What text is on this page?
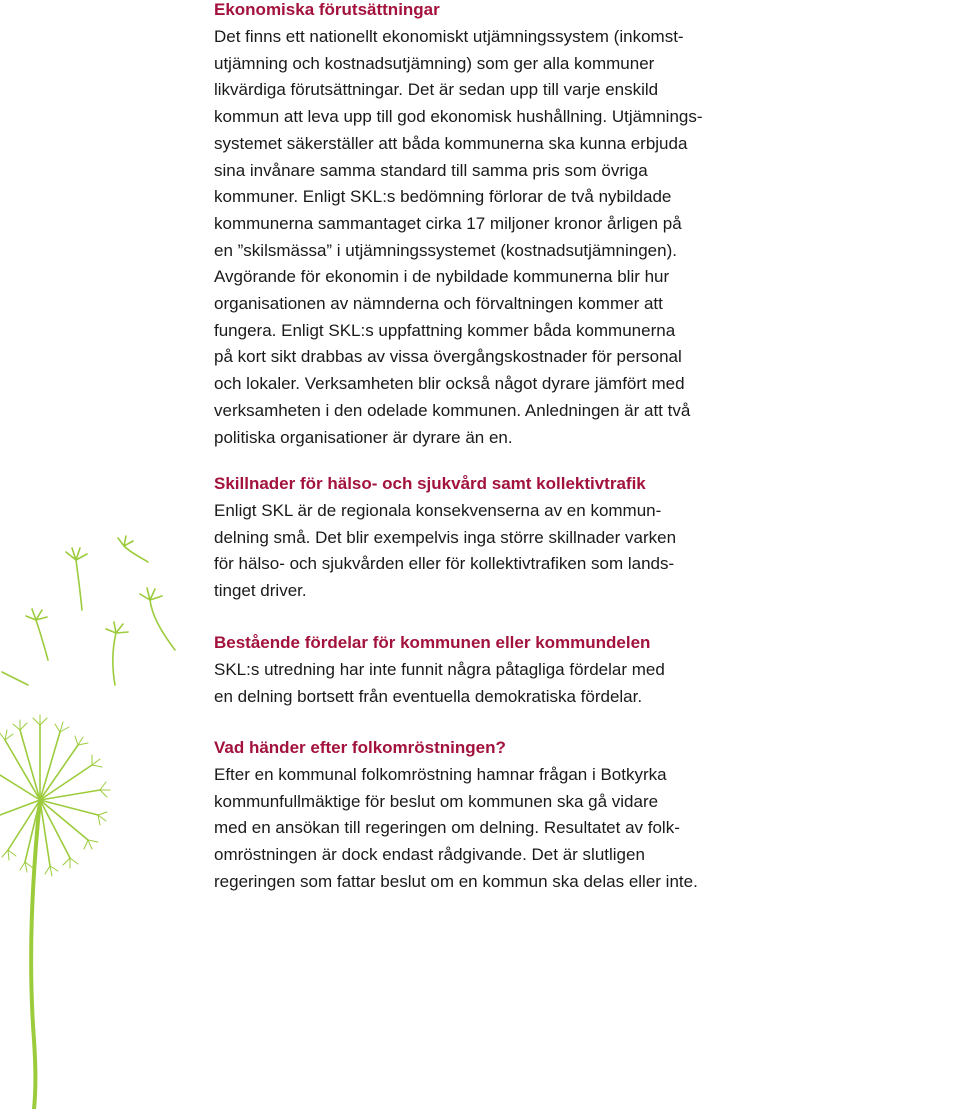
Ekonomiska förutsättningar

Det finns ett nationellt ekonomiskt utjämningssystem (inkomst-
utjämning och kostnadsutjämning) som ger alla kommuner
likvärdiga förutsättningar. Det är sedan upp till varje enskild
kommun att leva upp till god ekonomisk hushållning. Utjämnings-
systemet säkerställer att båda kommunerna ska kunna erbjuda
sina invånare samma standard till samma pris som övriga
kommuner. Enligt SKL:s bedömning förlorar de två nybildade
kommunerna sammantaget cirka 17 miljoner kronor årligen på
en ”skilsmässa” i utjämningssystemet (kostnadsutjämningen).
Avgörande för ekonomin i de nybildade kommunerna blir hur
organisationen av nämnderna och förvaltningen kommer att
fungera. Enligt SKL:s uppfattning kommer båda kommunerna
på kort sikt drabbas av vissa övergångskostnader för personal
och lokaler. Verksamheten blir också något dyrare jämfört med
verksamheten i den odelade kommunen. Anledningen är att två
politiska organisationer är dyrare än en.

Skillnader för hälso- och sjukvård samt kollektivtrafik

Enligt SKL är de regionala konsekvenserna av en kommun-
delning små. Det blir exempelvis inga större skillnader varken
för hälso- och sjukvården eller för kollektivtrafiken som lands-
tinget driver.

Bestående fördelar för kommunen eller kommundelen

SKL:s utredning har inte funnit några påtagliga fördelar med
en delning bortsett från eventuella demokratiska fördelar.

Vad händer efter folkomröstningen?

Efter en kommunal folkomröstning hamnar frågan i Botkyrka
kommunfullmäktige för beslut om kommunen ska gå vidare
med en ansökan till regeringen om delning. Resultatet av folk-
omröstningen är dock endast rådgivande. Det är slutligen
regeringen som fattar beslut om en kommun ska delas eller inte.
